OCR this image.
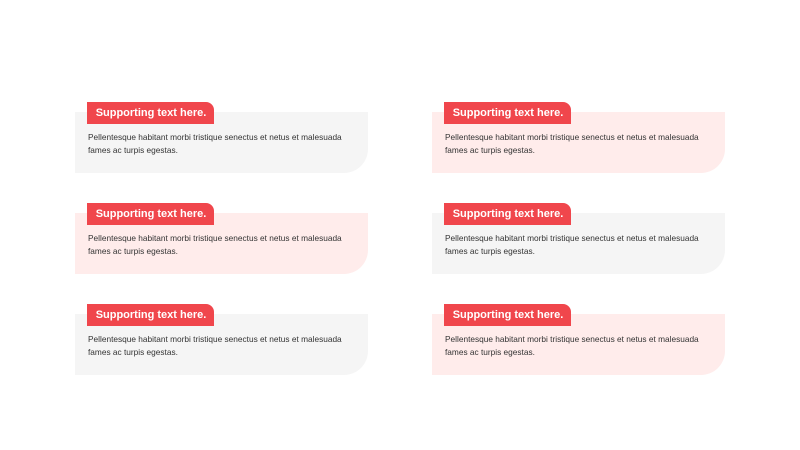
Pellentesque habitant morbi tristique senectus et netus et malesuada fames ac turpis egestas.

Supporting text here.

Pellentesque habitant morbi tristique senectus et netus et malesuada fames ac turpis egestas.

Supporting text here.

Pellentesque habitant morbi tristique senectus et netus et malesuada fames ac turpis egestas.

Supporting text here.

Pellentesque habitant morbi tristique senectus et netus et malesuada fames ac turpis egestas.

Supporting text here.

Pellentesque habitant morbi tristique senectus et netus et malesuada fames ac turpis egestas.

Supporting text here.

Pellentesque habitant morbi tristique senectus et netus et malesuada fames ac turpis egestas.

Supporting text here.
